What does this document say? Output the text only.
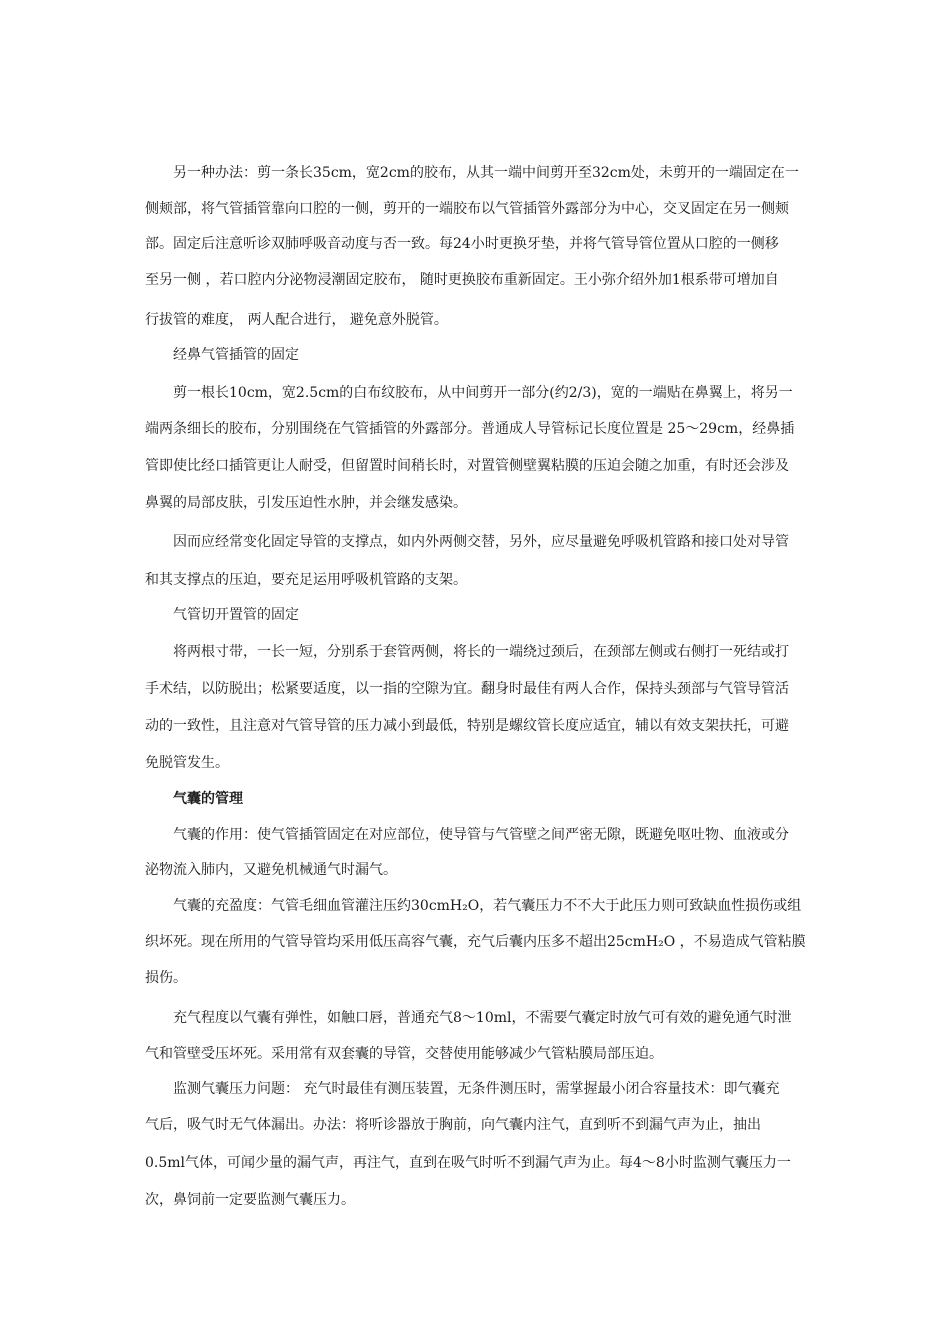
另一种办法：剪一条长35cm，宽2cm的胶布，从其一端中间剪开至32cm处，未剪开的一端固定在一
侧颊部，将气管插管靠向口腔的一侧，剪开的一端胶布以气管插管外露部分为中心，交叉固定在另一侧颊
部。固定后注意听诊双肺呼吸音动度与否一致。每24小时更换牙垫，并将气管导管位置从口腔的一侧移
至另一侧 ，若口腔内分泌物浸潮固定胶布， 随时更换胶布重新固定。王小弥介绍外加1根系带可增加自
行拔管的难度， 两人配合进行， 避免意外脱管。
经鼻气管插管的固定
剪一根长10cm，宽2.5cm的白布纹胶布，从中间剪开一部分(约2/3)，宽的一端贴在鼻翼上，将另一
端两条细长的胶布，分别围绕在气管插管的外露部分。普通成人导管标记长度位置是 25～29cm，经鼻插
管即使比经口插管更让人耐受，但留置时间稍长时，对置管侧壁翼粘膜的压迫会随之加重，有时还会涉及
鼻翼的局部皮肤，引发压迫性水肿，并会继发感染。
因而应经常变化固定导管的支撑点，如内外两侧交替，另外，应尽量避免呼吸机管路和接口处对导管
和其支撑点的压迫，要充足运用呼吸机管路的支架。
气管切开置管的固定
将两根寸带，一长一短，分别系于套管两侧，将长的一端绕过颈后，在颈部左侧或右侧打一死结或打
手术结，以防脱出；松紧要适度，以一指的空隙为宜。翻身时最佳有两人合作，保持头颈部与气管导管活
动的一致性，且注意对气管导管的压力减小到最低，特别是螺纹管长度应适宜，辅以有效支架扶托，可避
免脱管发生。
气囊的管理
气囊的作用：使气管插管固定在对应部位，使导管与气管壁之间严密无隙，既避免呕吐物、血液或分
泌物流入肺内，又避免机械通气时漏气。
气囊的充盈度：气管毛细血管灌注压约30cmH₂O，若气囊压力不不大于此压力则可致缺血性损伤或组
织坏死。现在所用的气管导管均采用低压高容气囊，充气后囊内压多不超出25cmH₂O ，不易造成气管粘膜
损伤。
充气程度以气囊有弹性，如触口唇，普通充气8～10ml，不需要气囊定时放气可有效的避免通气时泄
气和管壁受压坏死。采用常有双套囊的导管，交替使用能够减少气管粘膜局部压迫。
监测气囊压力问题： 充气时最佳有测压装置，无条件测压时，需掌握最小闭合容量技术：即气囊充
气后，吸气时无气体漏出。办法：将听诊器放于胸前，向气囊内注气，直到听不到漏气声为止，抽出
0.5ml气体，可闻少量的漏气声，再注气，直到在吸气时听不到漏气声为止。每4～8小时监测气囊压力一
次，鼻饲前一定要监测气囊压力。
